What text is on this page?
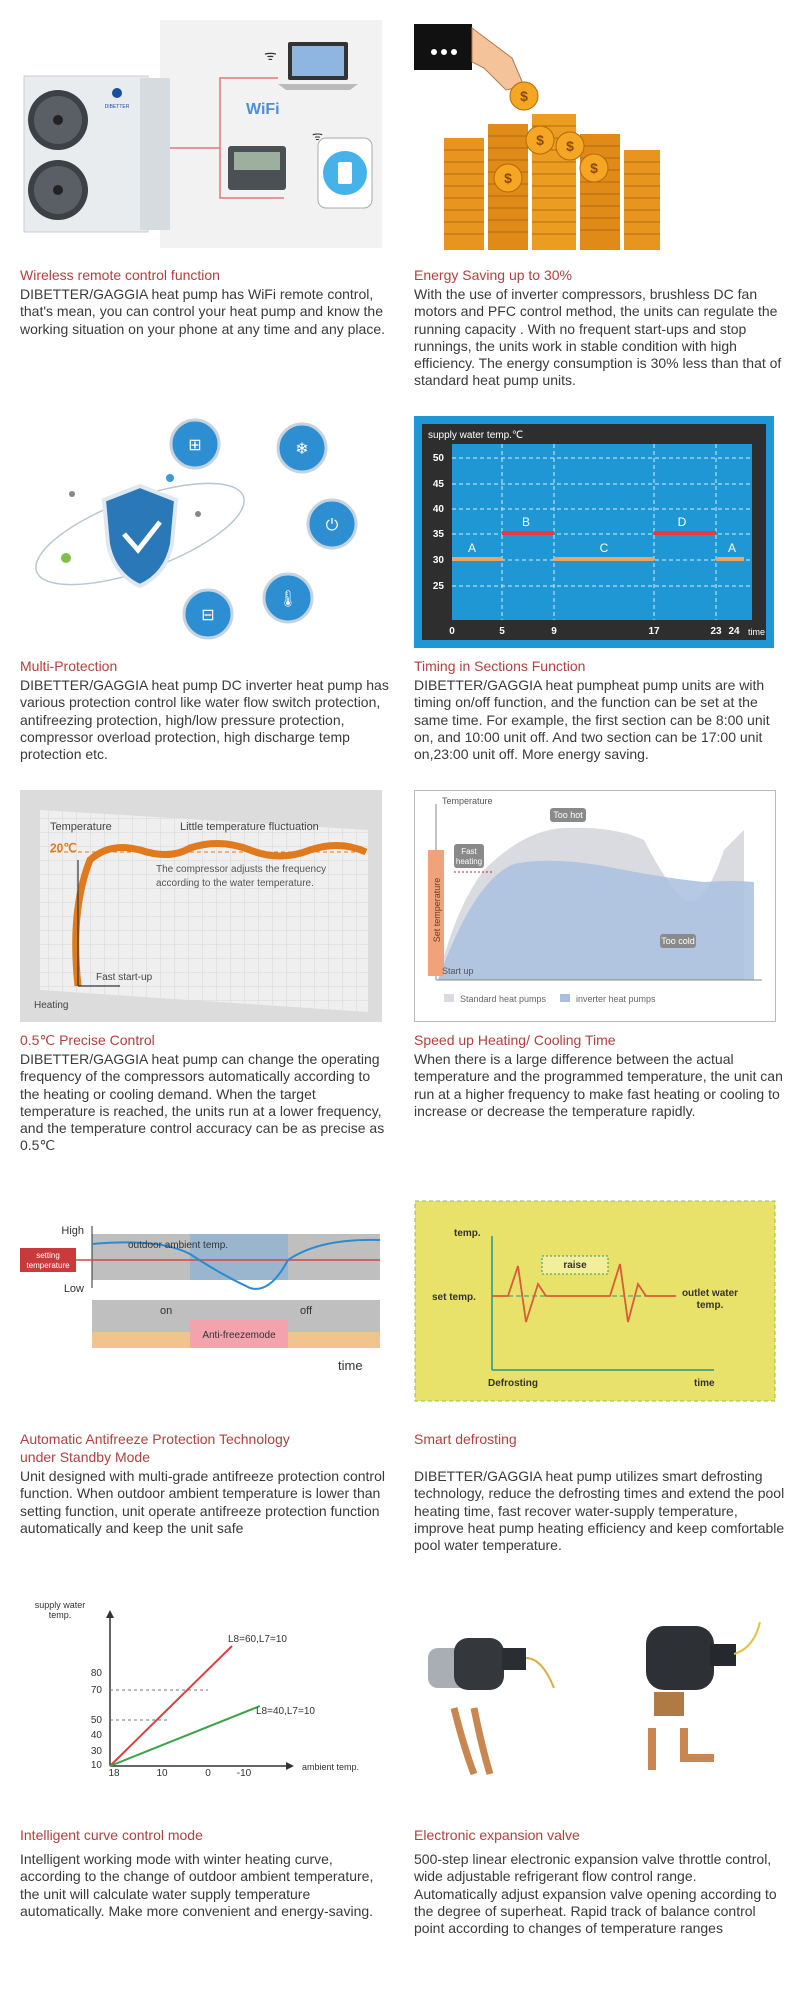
DIBETTER
ᯤ
WiFi
ᯤ
Wireless remote control function
DIBETTER/GAGGIA heat pump has WiFi remote control, that's mean, you can control your heat pump and know the working situation on your phone at any time and any place.
$
$ $
$
$
Energy Saving up to 30%
With the use of inverter compressors, brushless DC fan motors and PFC control method, the units can regulate the running capacity . With no frequent start-ups and stop runnings, the units work in stable condition with high efficiency. The energy consumption is 30% less than that of standard heat pump units.
⊞	❄
⏻
🌡
⊟
Multi-Protection
DIBETTER/GAGGIA heat pump DC inverter heat pump has various protection control like water flow switch protection, antifreezing protection, high/low pressure protection, compressor overload protection, high discharge temp protection etc.
supply water temp.℃
50
45
40
35
30
25
0	5	9	17	23 24 time
A
B
C
D
A
Timing in Sections Function
DIBETTER/GAGGIA heat pumpheat pump units are with timing on/off function, and the function can be set at the same time. For example, the first section can be 8:00 unit on, and 10:00 unit off. And two section can be 17:00 unit on,23:00 unit off. More energy saving.
Temperature	Little temperature fluctuation
20℃
The compressor adjusts the frequency
according to the water temperature.
Fast start-up
Heating
0.5℃ Precise Control
DIBETTER/GAGGIA heat pump can change the operating frequency of the compressors automatically according to the heating or cooling demand. When the target temperature is reached, the units run at a lower frequency, and the temperature control accuracy can be as precise as 0.5℃
Set temperature
Temperature
Too hot
Fast
heating
Too cold
Start up
Standard heat pumps	inverter heat pumps
Speed up Heating/ Cooling Time
When there is a large difference between the actual temperature and the programmed temperature, the unit can run at a higher frequency to make fast heating or cooling to increase or decrease the temperature rapidly.
High
Low
setting
temperature
outdoor ambient temp.
on	off
Anti-freezemode
time
Automatic Antifreeze Protection Technology
under Standby Mode
Unit designed with multi-grade antifreeze protection control function. When outdoor ambient temperature is lower than setting function, unit operate antifreeze protection function automatically and keep the unit safe
raise
temp.
set temp.	outlet water
temp.
Defrosting	time
Smart defrosting
DIBETTER/GAGGIA heat pump utilizes smart defrosting technology, reduce the defrosting times and extend the pool heating time, fast recover water-supply temperature, improve heat pump heating efficiency and keep comfortable pool water temperature.
supply water
temp.
80
70
50
40
30
10
18	10	0	-10
ambient temp.
L8=60,L7=10
L8=40,L7=10
Intelligent curve control mode
Intelligent working mode with winter heating curve, according to the change of outdoor ambient temperature, the unit will calculate water supply temperature automatically. Make more convenient and energy-saving.
Electronic expansion valve

500-step linear electronic expansion valve throttle control, wide adjustable refrigerant flow control range.

Automatically adjust expansion valve opening according to the degree of superheat. Rapid track of balance control point according to changes of temperature ranges
